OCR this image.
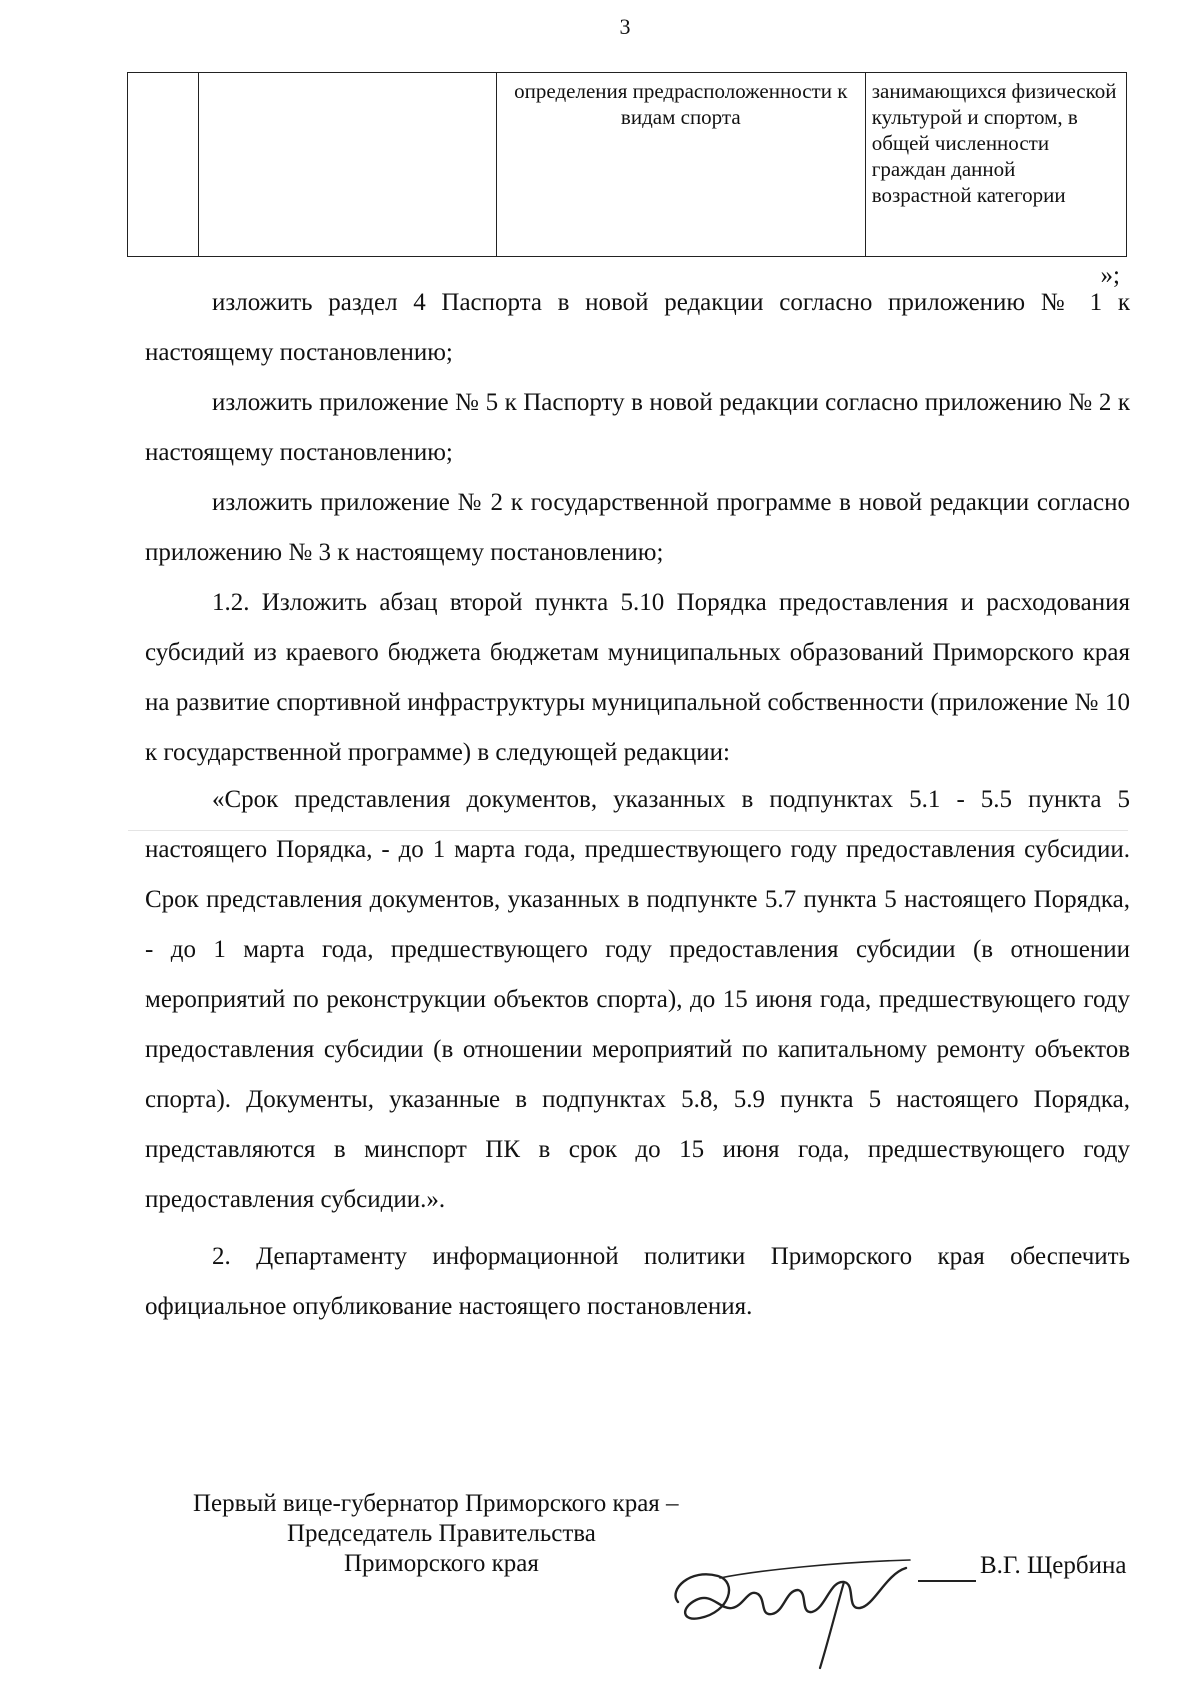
3
		определения предрасположенности к видам спорта	занимающихся физической культурой и спортом, в общей численности граждан данной возрастной категории
»;

изложить раздел 4 Паспорта в новой редакции согласно приложению № 1 к настоящему постановлению;

изложить приложение № 5 к Паспорту в новой редакции согласно приложению № 2 к настоящему постановлению;

изложить приложение № 2 к государственной программе в новой редакции согласно приложению № 3 к настоящему постановлению;

1.2. Изложить абзац второй пункта 5.10 Порядка предоставления и расходования субсидий из краевого бюджета бюджетам муниципальных образований Приморского края на развитие спортивной инфраструктуры муниципальной собственности (приложение № 10 к государственной программе) в следующей редакции:

«Срок представления документов, указанных в подпунктах 5.1 - 5.5 пункта 5 настоящего Порядка, - до 1 марта года, предшествующего году предоставления субсидии. Срок представления документов, указанных в подпункте 5.7 пункта 5 настоящего Порядка, - до 1 марта года, предшествующего году предоставления субсидии (в отношении мероприятий по реконструкции объектов спорта), до 15 июня года, предшествующего году предоставления субсидии (в отношении мероприятий по капитальному ремонту объектов спорта). Документы, указанные в подпунктах 5.8, 5.9 пункта 5 настоящего Порядка, представляются в минспорт ПК в срок до 15 июня года, предшествующего году предоставления субсидии.».

2. Департаменту информационной политики Приморского края обеспечить официальное опубликование настоящего постановления.

Первый вице-губернатор Приморского края –
Председатель Правительства
Приморского края	В.Г. Щербина
